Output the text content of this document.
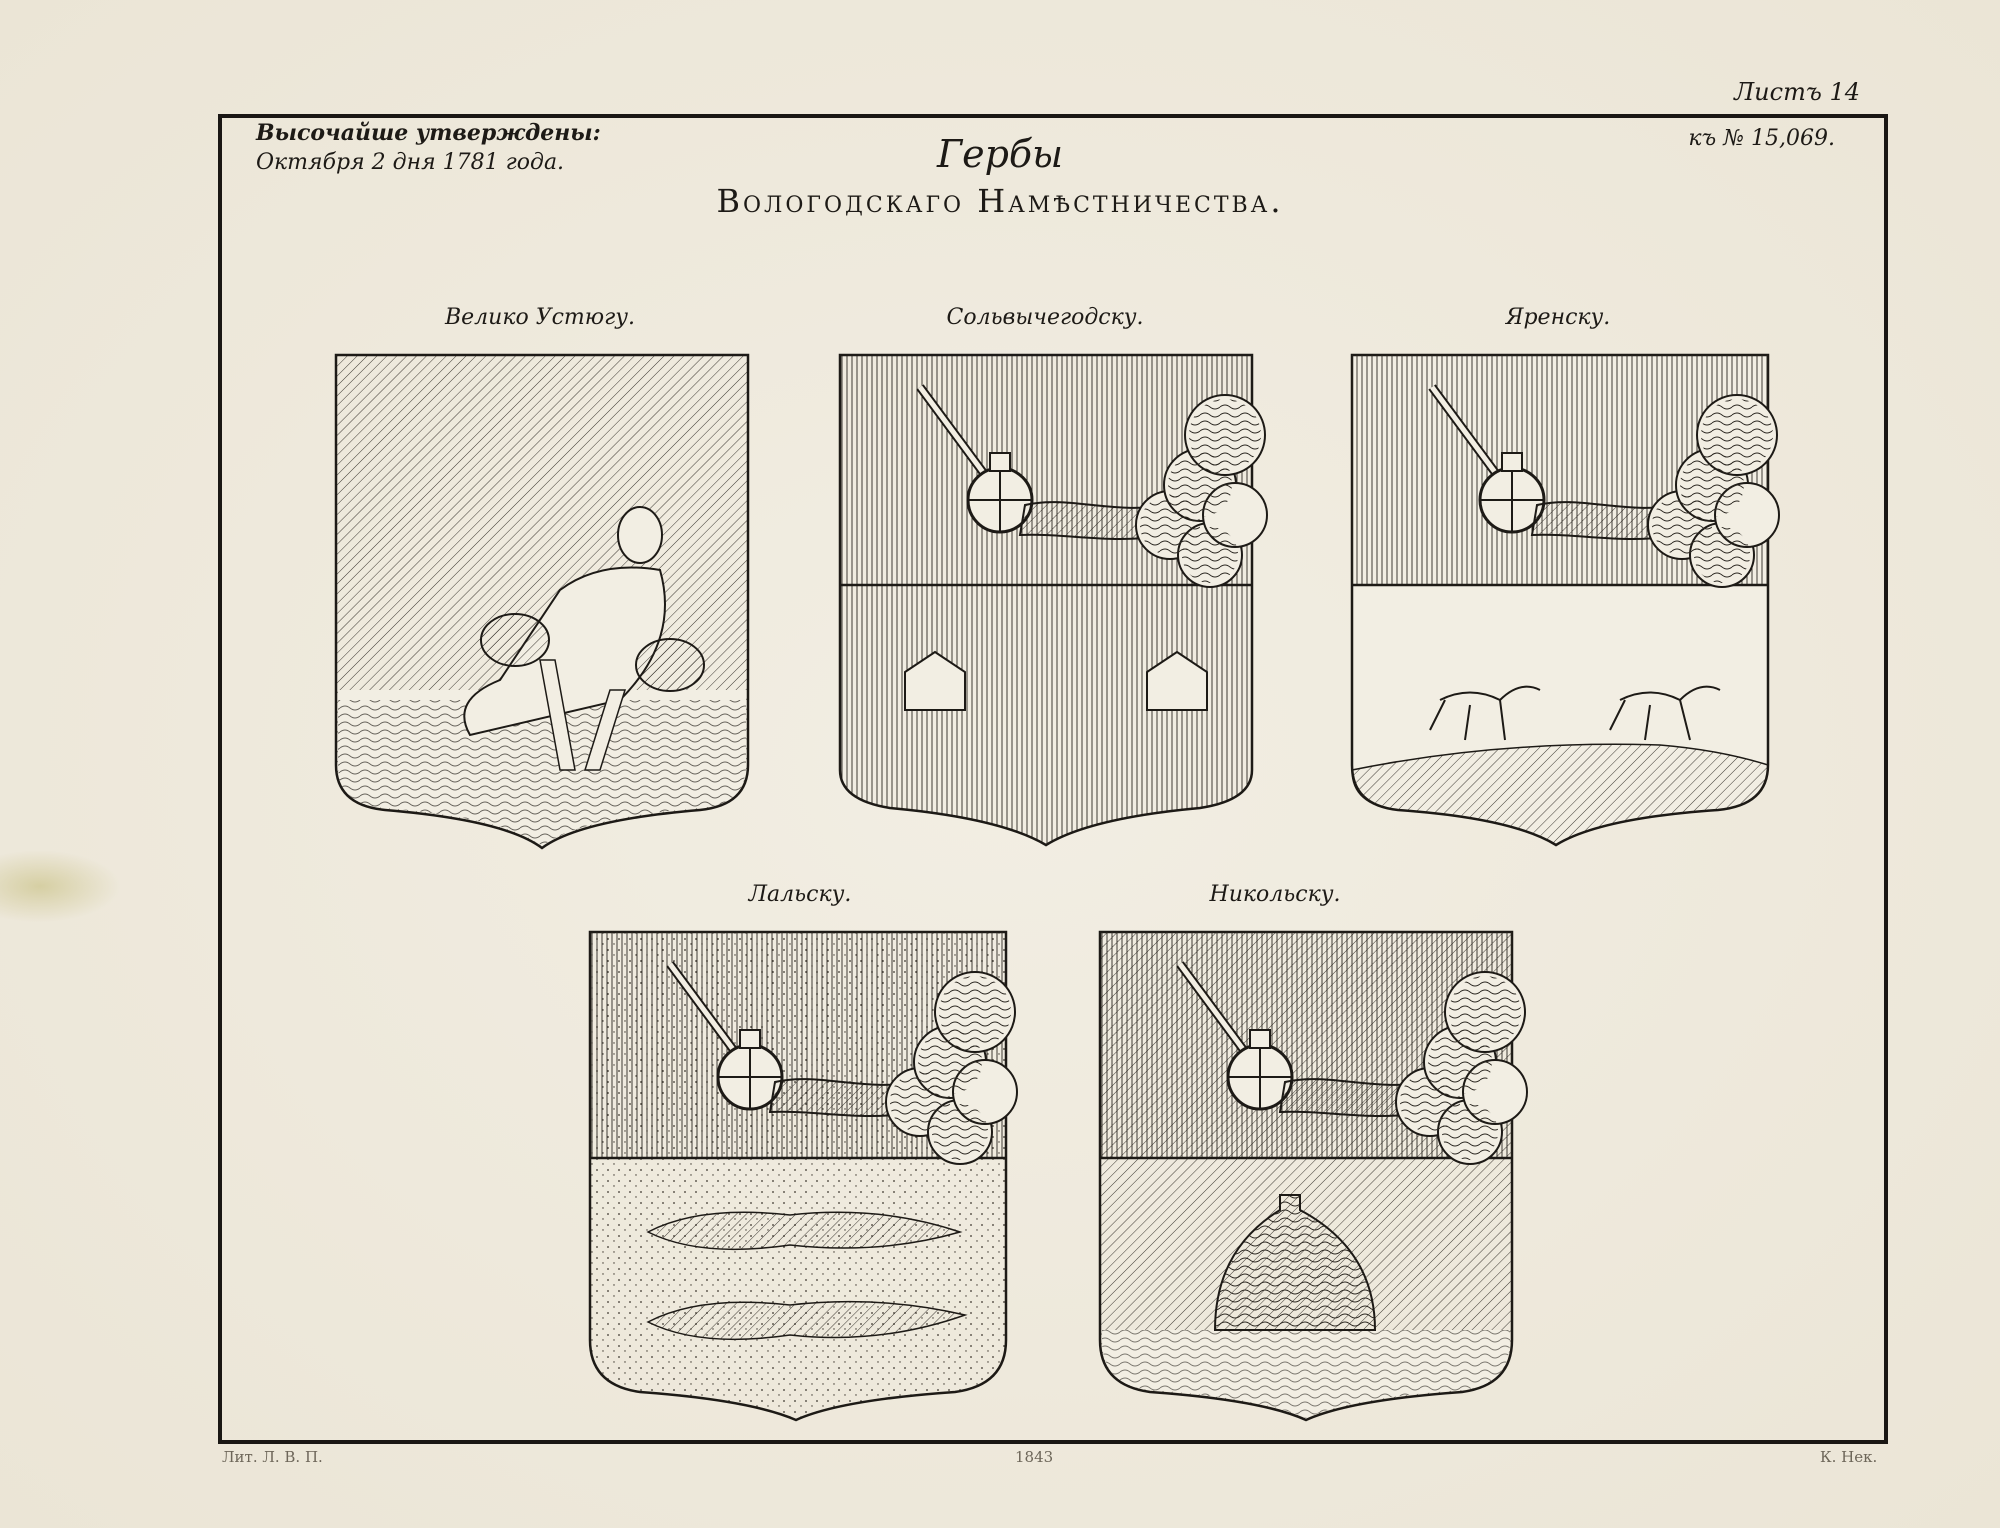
Листъ 14
Высочайше утверждены:
Октября 2 дня 1781 года.
къ № 15,069.
Гербы
Вологодскаго Намѣстничества.
Велико Устюгу.	Сольвычегодску.	Яренску.
Лальску.	Никольску.
Лит. Л. В. П.	1843	К. Нек.
